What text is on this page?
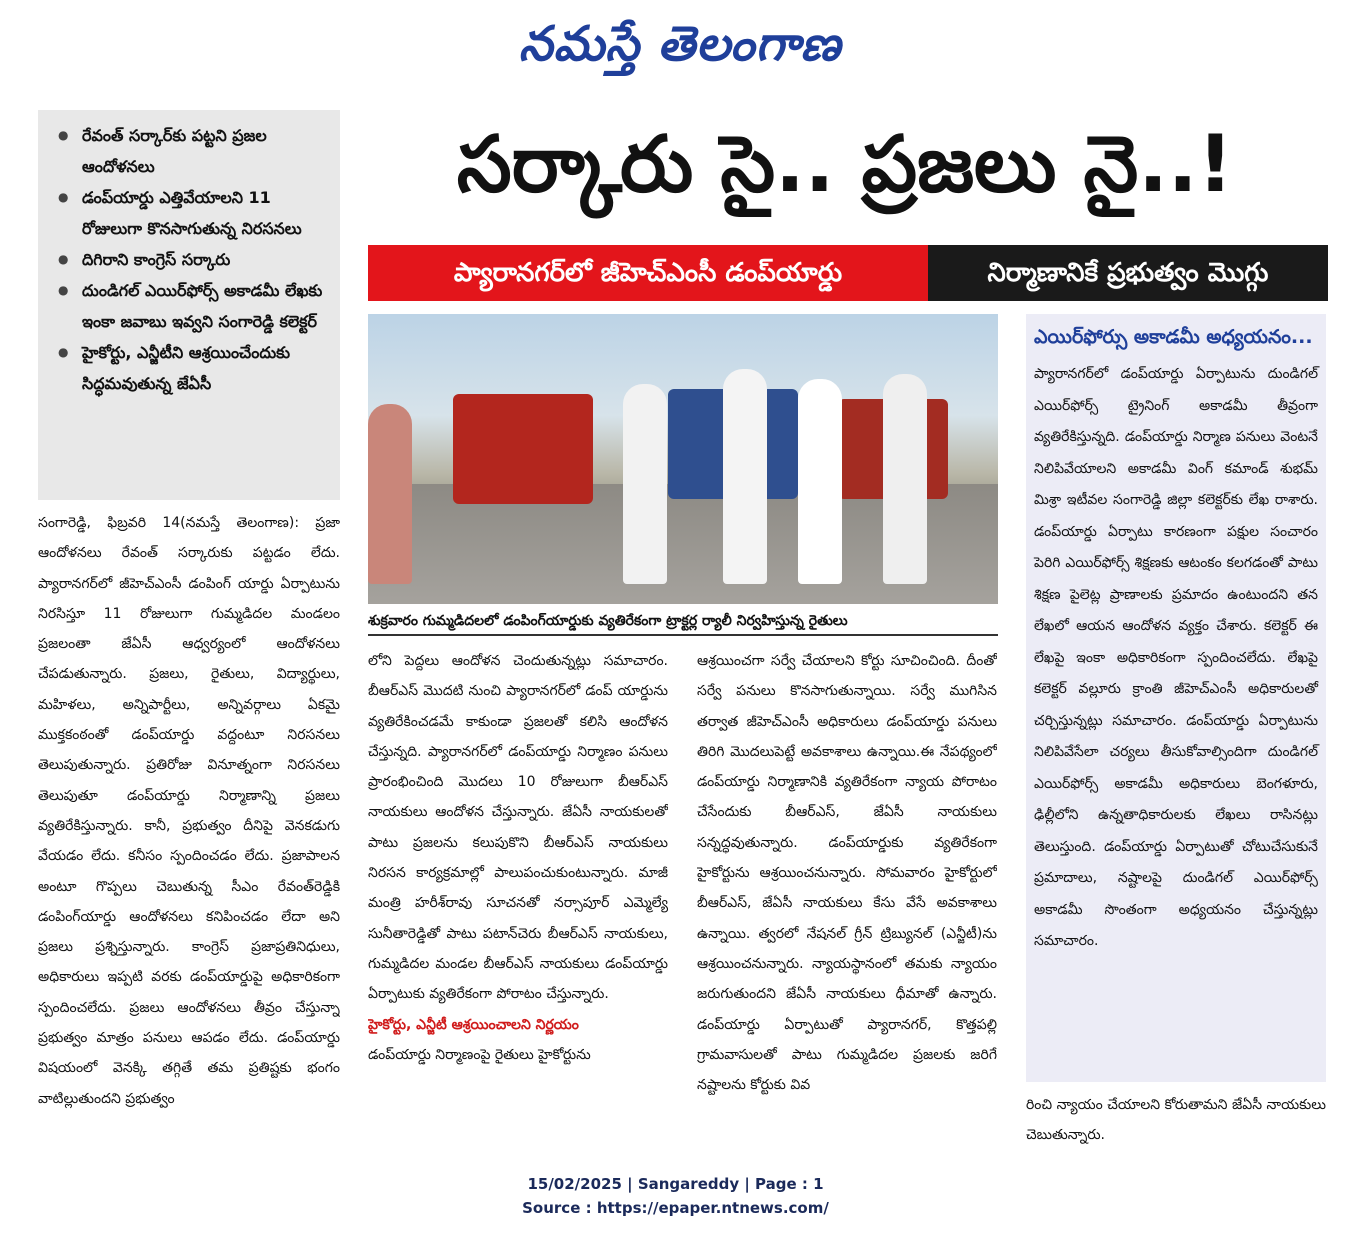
నమస్తే తెలంగాణ
● రేవంత్ సర్కార్‌కు పట్టని ప్రజల ఆందోళనలు
● డంప్‌యార్డు ఎత్తివేయాలని 11 రోజులుగా కొనసాగుతున్న నిరసనలు
● దిగిరాని కాంగ్రెస్ సర్కారు
● దుండిగల్ ఎయిర్‌ఫోర్స్ అకాడమీ లేఖకు ఇంకా జవాబు ఇవ్వని సంగారెడ్డి కలెక్టర్
● హైకోర్టు, ఎన్జీటీని ఆశ్రయించేందుకు సిద్ధమవుతున్న జేఏసీ
సర్కారు సై.. ప్రజలు నై..!
ప్యారానగర్‌లో జీహెచ్‌ఎంసీ డంప్‌యార్డు	నిర్మాణానికే ప్రభుత్వం మొగ్గు
శుక్రవారం గుమ్మడిదలలో డంపింగ్‌యార్డుకు వ్యతిరేకంగా ట్రాక్టర్ల ర్యాలీ నిర్వహిస్తున్న రైతులు
ఎయిర్‌ఫోర్సు అకాడమీ అధ్యయనం...
ప్యారానగర్‌లో డంప్‌యార్డు ఏర్పాటును దుండిగల్ ఎయిర్‌ఫోర్స్ ట్రైనింగ్ అకాడమీ తీవ్రంగా వ్యతిరేకిస్తున్నది. డంప్‌యార్డు నిర్మాణ పనులు వెంటనే నిలిపివేయాలని అకాడమీ వింగ్ కమాండ్ శుభమ్ మిశ్రా ఇటీవల సంగారెడ్డి జిల్లా కలెక్టర్‌కు లేఖ రాశారు. డంప్‌యార్డు ఏర్పాటు కారణంగా పక్షుల సంచారం పెరిగి ఎయిర్‌ఫోర్స్ శిక్షణకు ఆటంకం కలగడంతో పాటు శిక్షణ పైలెట్ల ప్రాణాలకు ప్రమాదం ఉంటుందని తన లేఖలో ఆయన ఆందోళన వ్యక్తం చేశారు. కలెక్టర్ ఈ లేఖపై ఇంకా అధికారికంగా స్పందించలేదు. లేఖపై కలెక్టర్ వల్లూరు క్రాంతి జీహెచ్‌ఎంసీ అధికారులతో చర్చిస్తున్నట్లు సమాచారం. డంప్‌యార్డు ఏర్పాటును నిలిపివేసేలా చర్యలు తీసుకోవాల్సిందిగా దుండిగల్ ఎయిర్‌ఫోర్స్ అకాడమీ అధికారులు బెంగళూరు, ఢిల్లీలోని ఉన్నతాధికారులకు లేఖలు రాసినట్లు తెలుస్తుంది. డంప్‌యార్డు ఏర్పాటుతో చోటుచేసుకునే ప్రమాదాలు, నష్టాలపై దుండిగల్ ఎయిర్‌ఫోర్స్ అకాడమీ సొంతంగా అధ్యయనం చేస్తున్నట్లు సమాచారం.
సంగారెడ్డి, ఫిబ్రవరి 14(నమస్తే తెలంగాణ): ప్రజా ఆందోళనలు రేవంత్ సర్కారుకు పట్టడం లేదు. ప్యారానగర్‌లో జీహెచ్‌ఎంసీ డంపింగ్ యార్డు ఏర్పాటును నిరసిస్తూ 11 రోజులుగా గుమ్మడిదల మండలం ప్రజలంతా జేఏసీ ఆధ్వర్యంలో ఆందోళనలు చేపడుతున్నారు. ప్రజలు, రైతులు, విద్యార్థులు, మహిళలు, అన్నిపార్టీలు, అన్నివర్గాలు ఏకమై ముక్తకంఠంతో డంప్‌యార్డు వద్దంటూ నిరసనలు తెలుపుతున్నారు. ప్రతిరోజు వినూత్నంగా నిరసనలు తెలుపుతూ డంప్‌యార్డు నిర్మాణాన్ని ప్రజలు వ్యతిరేకిస్తున్నారు. కానీ, ప్రభుత్వం దీనిపై వెనకడుగు వేయడం లేదు. కనీసం స్పందించడం లేదు. ప్రజాపాలన అంటూ గొప్పలు చెబుతున్న సీఎం రేవంత్‌రెడ్డికి డంపింగ్‌యార్డు ఆందోళనలు కనిపించడం లేదా అని ప్రజలు ప్రశ్నిస్తున్నారు. కాంగ్రెస్ ప్రజాప్రతినిధులు, అధికారులు ఇప్పటి వరకు డంప్‌యార్డుపై అధికారికంగా స్పందించలేదు. ప్రజలు ఆందోళనలు తీవ్రం చేస్తున్నా ప్రభుత్వం మాత్రం పనులు ఆపడం లేదు. డంప్‌యార్డు విషయంలో వెనక్కి తగ్గితే తమ ప్రతిష్టకు భంగం వాటిల్లుతుందని ప్రభుత్వం
లోని పెద్దలు ఆందోళన చెందుతున్నట్లు సమాచారం. బీఆర్‌ఎస్ మొదటి నుంచి ప్యారానగర్‌లో డంప్ యార్డును వ్యతిరేకించడమే కాకుండా ప్రజలతో కలిసి ఆందోళన చేస్తున్నది. ప్యారానగర్‌లో డంప్‌యార్డు నిర్మాణం పనులు ప్రారంభించింది మొదలు 10 రోజులుగా బీఆర్‌ఎస్ నాయకులు ఆందోళన చేస్తున్నారు. జేఏసీ నాయకులతో పాటు ప్రజలను కలుపుకొని బీఆర్‌ఎస్ నాయకులు నిరసన కార్యక్రమాల్లో పాలుపంచుకుంటున్నారు. మాజీ మంత్రి హరీశ్‌రావు సూచనతో నర్సాపూర్ ఎమ్మెల్యే సునీతారెడ్డితో పాటు పటాన్‌చెరు బీఆర్‌ఎస్ నాయకులు, గుమ్మడిదల మండల బీఆర్‌ఎస్ నాయకులు డంప్‌యార్డు ఏర్పాటుకు వ్యతిరేకంగా పోరాటం చేస్తున్నారు.
హైకోర్టు, ఎన్జీటీ ఆశ్రయించాలని నిర్ణయం
డంప్‌యార్డు నిర్మాణంపై రైతులు హైకోర్టును
ఆశ్రయించగా సర్వే చేయాలని కోర్టు సూచించింది. దీంతో సర్వే పనులు కొనసాగుతున్నాయి. సర్వే ముగిసిన తర్వాత జీహెచ్‌ఎంసీ అధికారులు డంప్‌యార్డు పనులు తిరిగి మొదలుపెట్టే అవకాశాలు ఉన్నాయి.ఈ నేపథ్యంలో డంప్‌యార్డు నిర్మాణానికి వ్యతిరేకంగా న్యాయ పోరాటం చేసేందుకు బీఆర్‌ఎస్, జేఏసీ నాయకులు సన్నద్ధవుతున్నారు. డంప్‌యార్డుకు వ్యతిరేకంగా హైకోర్టును ఆశ్రయించనున్నారు. సోమవారం హైకోర్టులో బీఆర్‌ఎస్, జేఏసీ నాయకులు కేసు వేసే అవకాశాలు ఉన్నాయి. త్వరలో నేషనల్ గ్రీన్ ట్రిబ్యునల్ (ఎన్జీటీ)ను ఆశ్రయించనున్నారు. న్యాయస్థానంలో తమకు న్యాయం జరుగుతుందని జేఏసీ నాయకులు ధీమాతో ఉన్నారు. డంప్‌యార్డు ఏర్పాటుతో ప్యారానగర్, కొత్తపల్లి గ్రామవాసులతో పాటు గుమ్మడిదల ప్రజలకు జరిగే నష్టాలను కోర్టుకు వివ
రించి న్యాయం చేయాలని కోరుతామని జేఏసీ నాయకులు చెబుతున్నారు.
15/02/2025 | Sangareddy | Page : 1
Source : https://epaper.ntnews.com/
